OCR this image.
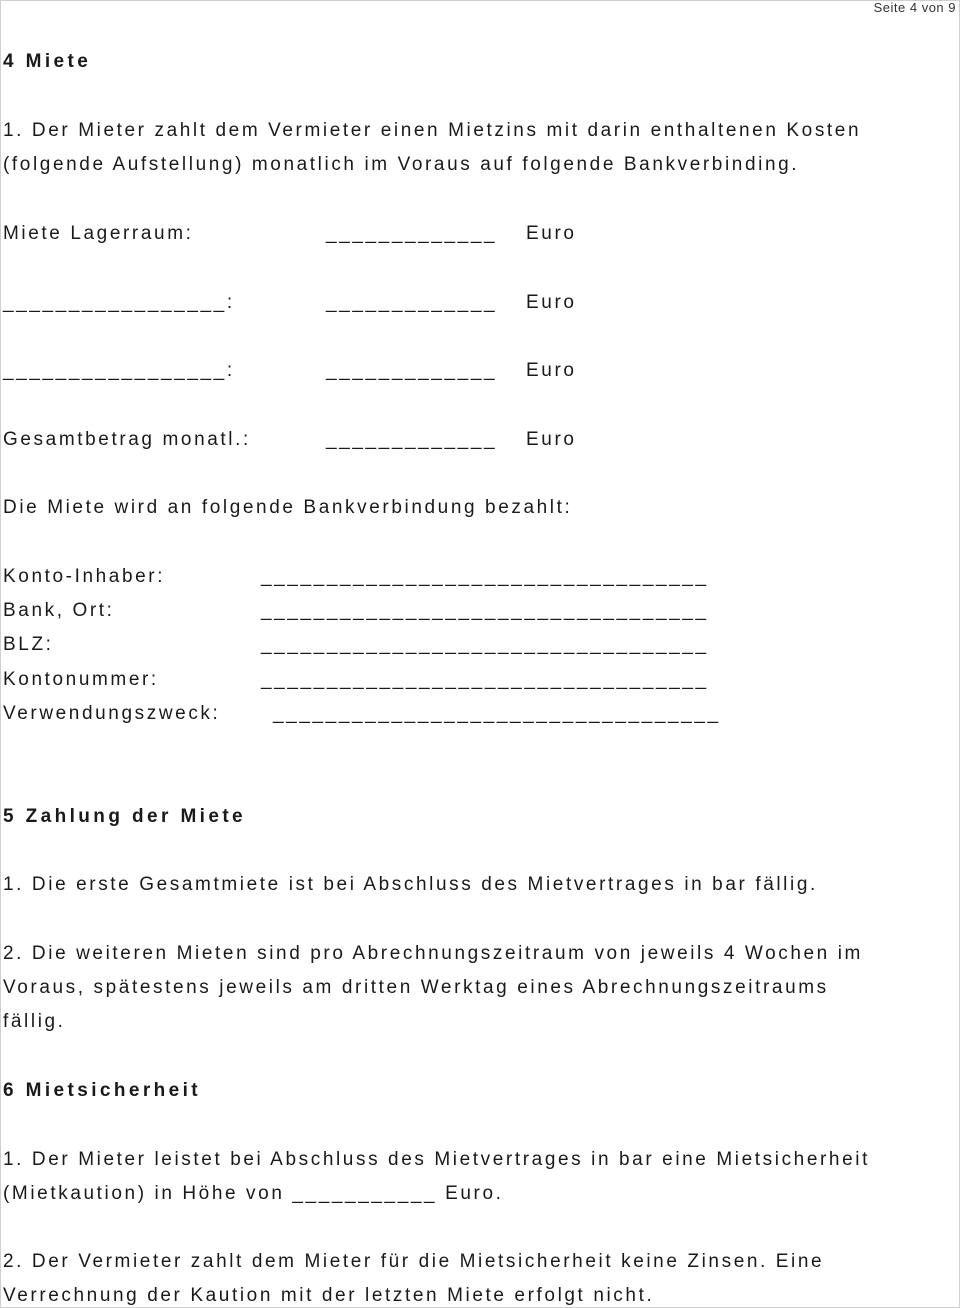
Seite 4 von 9
4 Miete
1. Der Mieter zahlt dem Vermieter einen Mietzins mit darin enthaltenen Kosten
(folgende Aufstellung) monatlich im Voraus auf folgende Bankverbinding.
Miete Lagerraum:	_____________ Euro
_________________:	_____________ Euro
_________________:	_____________ Euro
Gesamtbetrag monatl.:	_____________ Euro
Die Miete wird an folgende Bankverbindung bezahlt:
Konto-Inhaber:	__________________________________
Bank, Ort:	__________________________________
BLZ:	__________________________________
Kontonummer:	__________________________________
Verwendungszweck:	__________________________________
5 Zahlung der Miete
1. Die erste Gesamtmiete ist bei Abschluss des Mietvertrages in bar fällig.
2. Die weiteren Mieten sind pro Abrechnungszeitraum von jeweils 4 Wochen im
Voraus, spätestens jeweils am dritten Werktag eines Abrechnungszeitraums
fällig.
6 Mietsicherheit
1. Der Mieter leistet bei Abschluss des Mietvertrages in bar eine Mietsicherheit
(Mietkaution) in Höhe von ___________ Euro.
2. Der Vermieter zahlt dem Mieter für die Mietsicherheit keine Zinsen. Eine
Verrechnung der Kaution mit der letzten Miete erfolgt nicht.
